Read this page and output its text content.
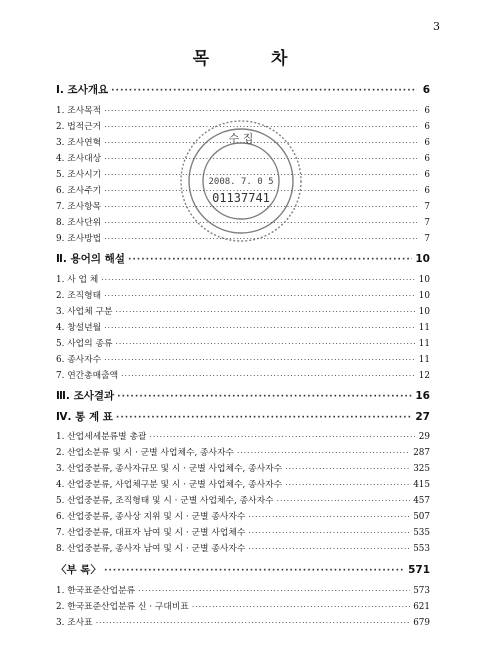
3
목 차
Ⅰ. 조사개요 ·····	6
1. 조사목적 ·····	6
2. 법적근거 ·····	6
3. 조사연혁 ·····	6
4. 조사대상 ·····	6
5. 조사시기 ·····	6
6. 조사주기 ·····	6
7. 조사항목 ·····	7
8. 조사단위 ·····	7
9. 조사방법 ·····	7
Ⅱ. 용어의 해설 ·····	10
1. 사 업 체 ·····	10
2. 조직형태 ·····	10
3. 사업체 구분 ·····	10
4. 창설년월 ·····	11
5. 사업의 종류 ·····	11
6. 종사자수 ·····	11
7. 연간총매출액 ·····	12
Ⅲ. 조사결과 ·····	16
Ⅳ. 통 계 표 ·····	27
1. 산업세세분류별 총괄 ·····	29
2. 산업소분류 및 시 · 군별 사업체수, 종사자수 ·····	287
3. 산업중분류, 종사자규모 및 시 · 군별 사업체수, 종사자수 ·····	325
4. 산업중분류, 사업체구분 및 시 · 군별 사업체수, 종사자수 ·····	415
5. 산업중분류, 조직형태 및 시 · 군별 사업체수, 종사자수 ·····	457
6. 산업중분류, 종사상 지위 및 시 · 군별 종사자수 ·····	507
7. 산업중분류, 대표자 남여 및 시 · 군별 사업체수 ·····	535
8. 산업중분류, 종사자 남여 및 시 · 군별 종사자수 ·····	553
〈부 록〉 ·····	571
1. 한국표준산업분류 ·····	573
2. 한국표준산업분류 신 · 구대비표 ·····	621
3. 조사표 ·····	679
수 집
2008. 7. 0 5
01137741
